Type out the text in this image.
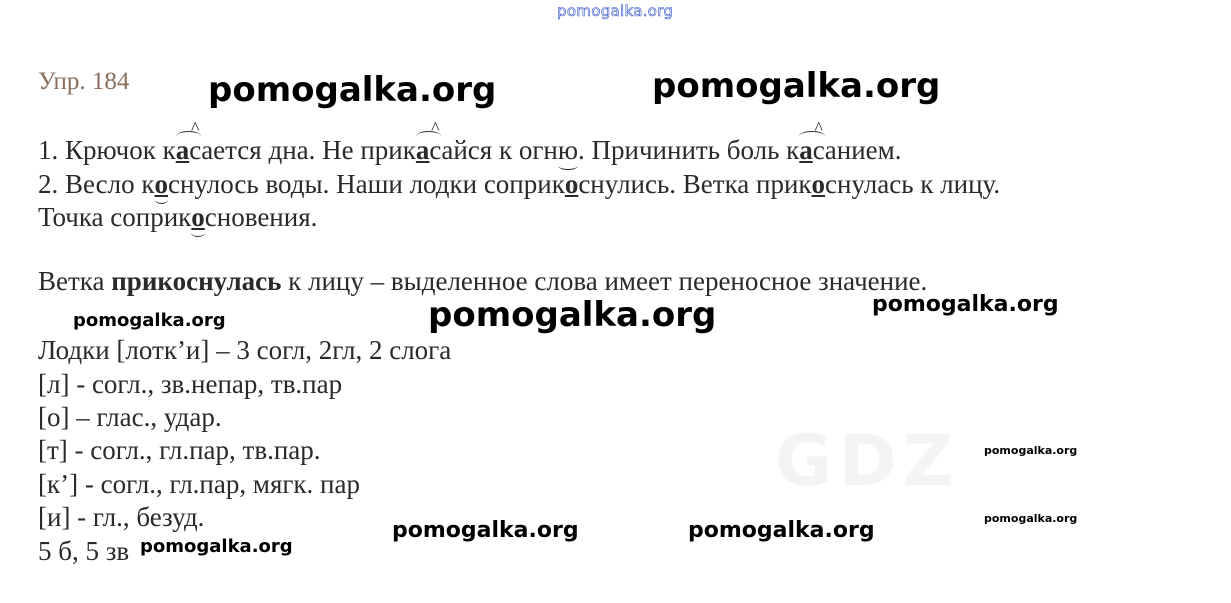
GDZ
pomogalka.org
Упр. 184 pomogalka.org	pomogalka.org
1. Крючок ка^ сается дна. Не прика^ сайся к огню. Причинить боль ка^ санием.
2. Весло коснулось воды. Наши лодки соприкоснулись. Ветка прикоснулась к лицу.
Точка соприкосновения.
Ветка прикоснулась к лицу – выделенное слова имеет переносное значение.
pomogalka.org	pomogalka.org	pomogalka.org
Лодки [лотк’и] – 3 согл, 2гл, 2 слога
[л] - согл., зв.непар, тв.пар
[о] – глас., удар.
[т] - согл., гл.пар, тв.пар.
[к’] - согл., гл.пар, мягк. пар
[и] - гл., безуд.
5 б, 5 зв
pomogalka.org
pomogalka.org
pomogalka.org	pomogalka.org
pomogalka.org
